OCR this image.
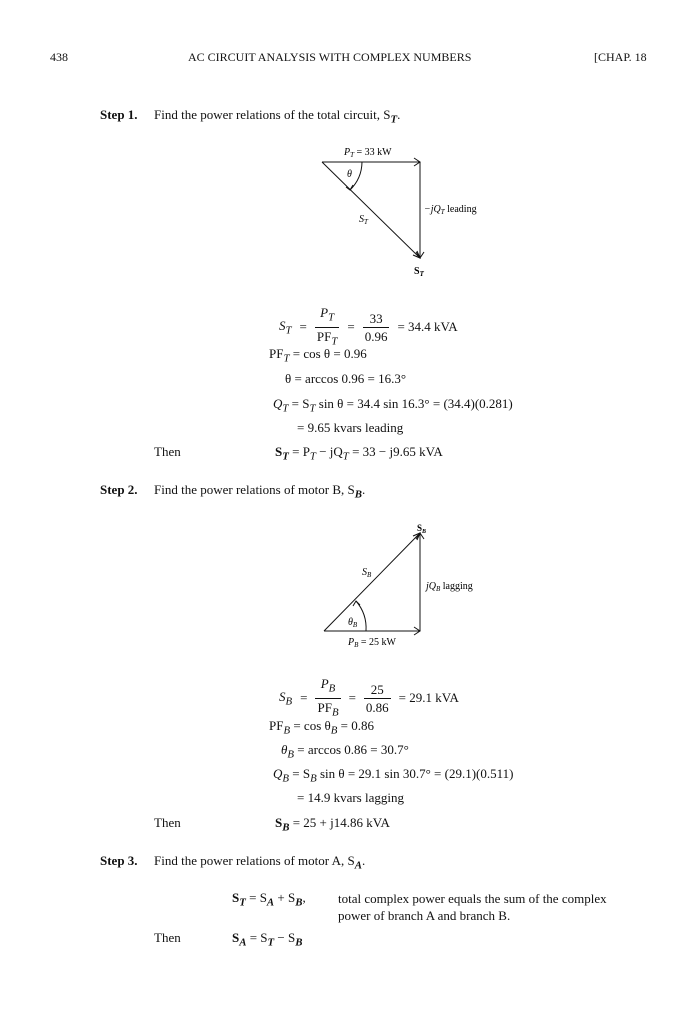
438	AC CIRCUIT ANALYSIS WITH COMPLEX NUMBERS	[CHAP. 18
Step 1. Find the power relations of the total circuit, $S_T$.
$P_T = 33$ kW
θ
$S_T$
$-jQ_T$ leading
$S_T$
$S_T = \frac{P_T}{PF_T} = \frac{33}{0.96} = 34.4$ kVA
$PF_T = \cos \theta = 0.96$
θ = arccos 0.96 = 16.3°
$Q_T = S_T$ sin θ = 34.4 sin 16.3° = (34.4)(0.281)
= 9.65 kvars leading
Then	$S_T = P_T - jQ_T = 33 - j9.65$ kVA
Step 2. Find the power relations of motor B, $S_B$.
$S_B$
$S_B$
$jQ_B$ lagging
$\theta_B$
$P_B = 25$ kW
$S_B = \frac{P_B}{PF_B} = \frac{25}{0.86} = 29.1$ kVA
$PF_B = \cos \theta_B = 0.86$
$\theta_B = \arccos 0.86 = 30.7^\circ$
$Q_B = S_B$ sin θ = 29.1 sin 30.7° = (29.1)(0.511)
= 14.9 kvars lagging
Then	$S_B = 25 + j14.86$ kVA
Step 3. Find the power relations of motor A, $S_A$.
$S_T = S_A + S_B$, total complex power equals the sum of the complex
power of branch A and branch B.
Then	$S_A = S_T - S_B$
